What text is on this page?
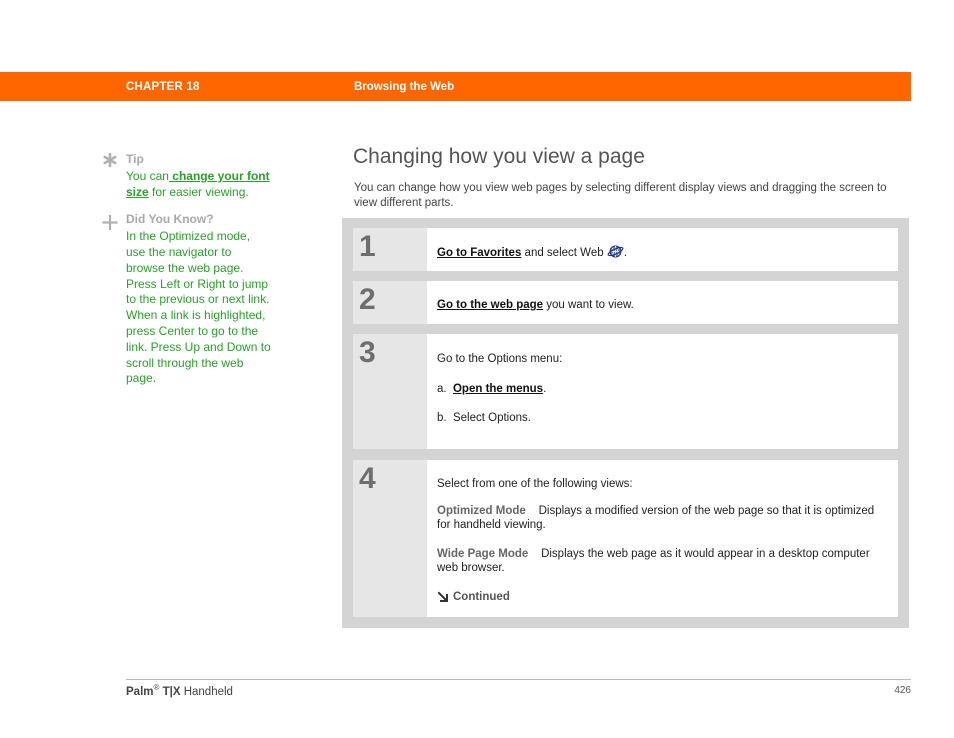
CHAPTER 18	Browsing the Web
Tip
You can change your font size for easier viewing.
Did You Know?
In the Optimized mode, use the navigator to browse the web page. Press Left or Right to jump to the previous or next link. When a link is highlighted, press Center to go to the link. Press Up and Down to scroll through the web page.
Changing how you view a page

You can change how you view web pages by selecting different display views and dragging the screen to view different parts.

1	Go to Favorites and select Web .

2	Go to the web page you want to view.

3	Go to the Options menu:

a. Open the menus.

b. Select Options.

4	Select from one of the following views:

Optimized Mode Displays a modified version of the web page so that it is optimized for handheld viewing.

Wide Page Mode Displays the web page as it would appear in a desktop computer web browser.

Continued

Palm® T|X Handheld	426
